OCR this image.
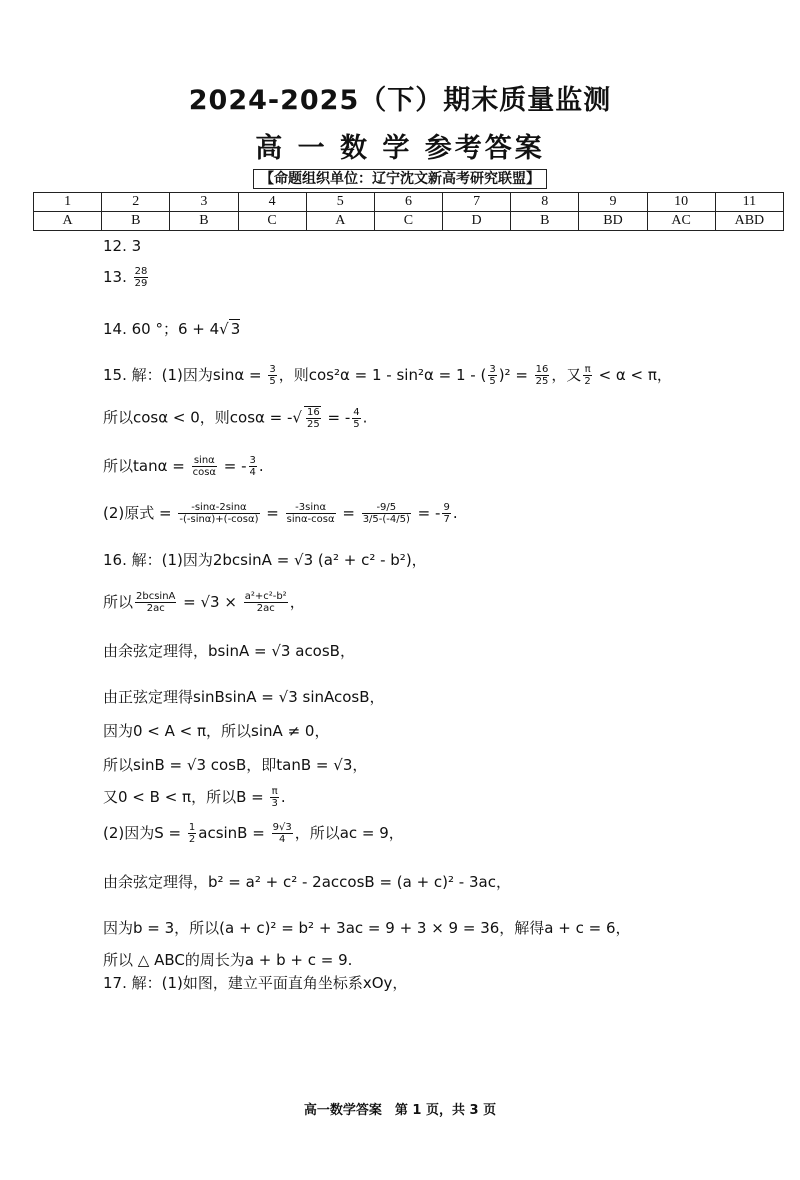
2024-2025（下）期末质量监测
高 一 数 学 参考答案
【命题组织单位：辽宁沈文新高考研究联盟】
1	2	3	4	5	6	7	8	9	10	11
A	B	B	C	A	C	D	B	BD	AC	ABD
12. 3
13. $\frac{28}{29}$
14. 60 °；6 + 4√ 3
15. 解：(1)因为$\sin\alpha = \frac{3}{5}$ ，则cos²α = 1 - sin²α = 1 - ( $\frac{3}{5} )^2 = \frac{16}{25}$ ，又 $\frac{\pi}{2} < \alpha < \pi$，
所以cosα < 0，则cosα = -√ $\frac{16}{25}$ = - $\frac{4}{5}$ .
所以$\tan\alpha = \frac{\sin\alpha}{\cos\alpha}$ = - $\frac{3}{4}$ .
(2)原式 = $\frac{-\sin\alpha-2\sin\alpha}{-(-\sin\alpha)+(-\cos\alpha)} = \frac{-3\sin\alpha}{\sin\alpha-\cos\alpha} = \frac{-9/5}{3/5-(-4/5)}$ = - $\frac{9}{7}$ .
16. 解：(1)因为2bcsinA = √3 (a² + c² - b²)，
所以 $\frac{2bcsinA}{2ac} = √3 \times \frac{\text{a²+c²-b²}}{2ac}$ ，
由余弦定理得，bsinA = √3 acosB，
由正弦定理得sinBsinA = √3 sinAcosB，
因为0 < A < π，所以sinA ≠ 0，
所以sinB = √3 cosB，即tanB = √3，
又0 < B < π，所以$B = \frac{\pi}{3}$ .
(2)因为$S = \frac{1}{2}$ $acsinB = \frac{9√3}{4}$ ，所以ac = 9，
由余弦定理得，b² = a² + c² - 2accosB = (a + c)² - 3ac，
因为b = 3，所以(a + c)² = b² + 3ac = 9 + 3 × 9 = 36，解得a + c = 6，
所以 △ ABC的周长为a + b + c = 9.
17. 解：(1)如图，建立平面直角坐标系xOy，
高一数学答案　第 1 页，共 3 页
